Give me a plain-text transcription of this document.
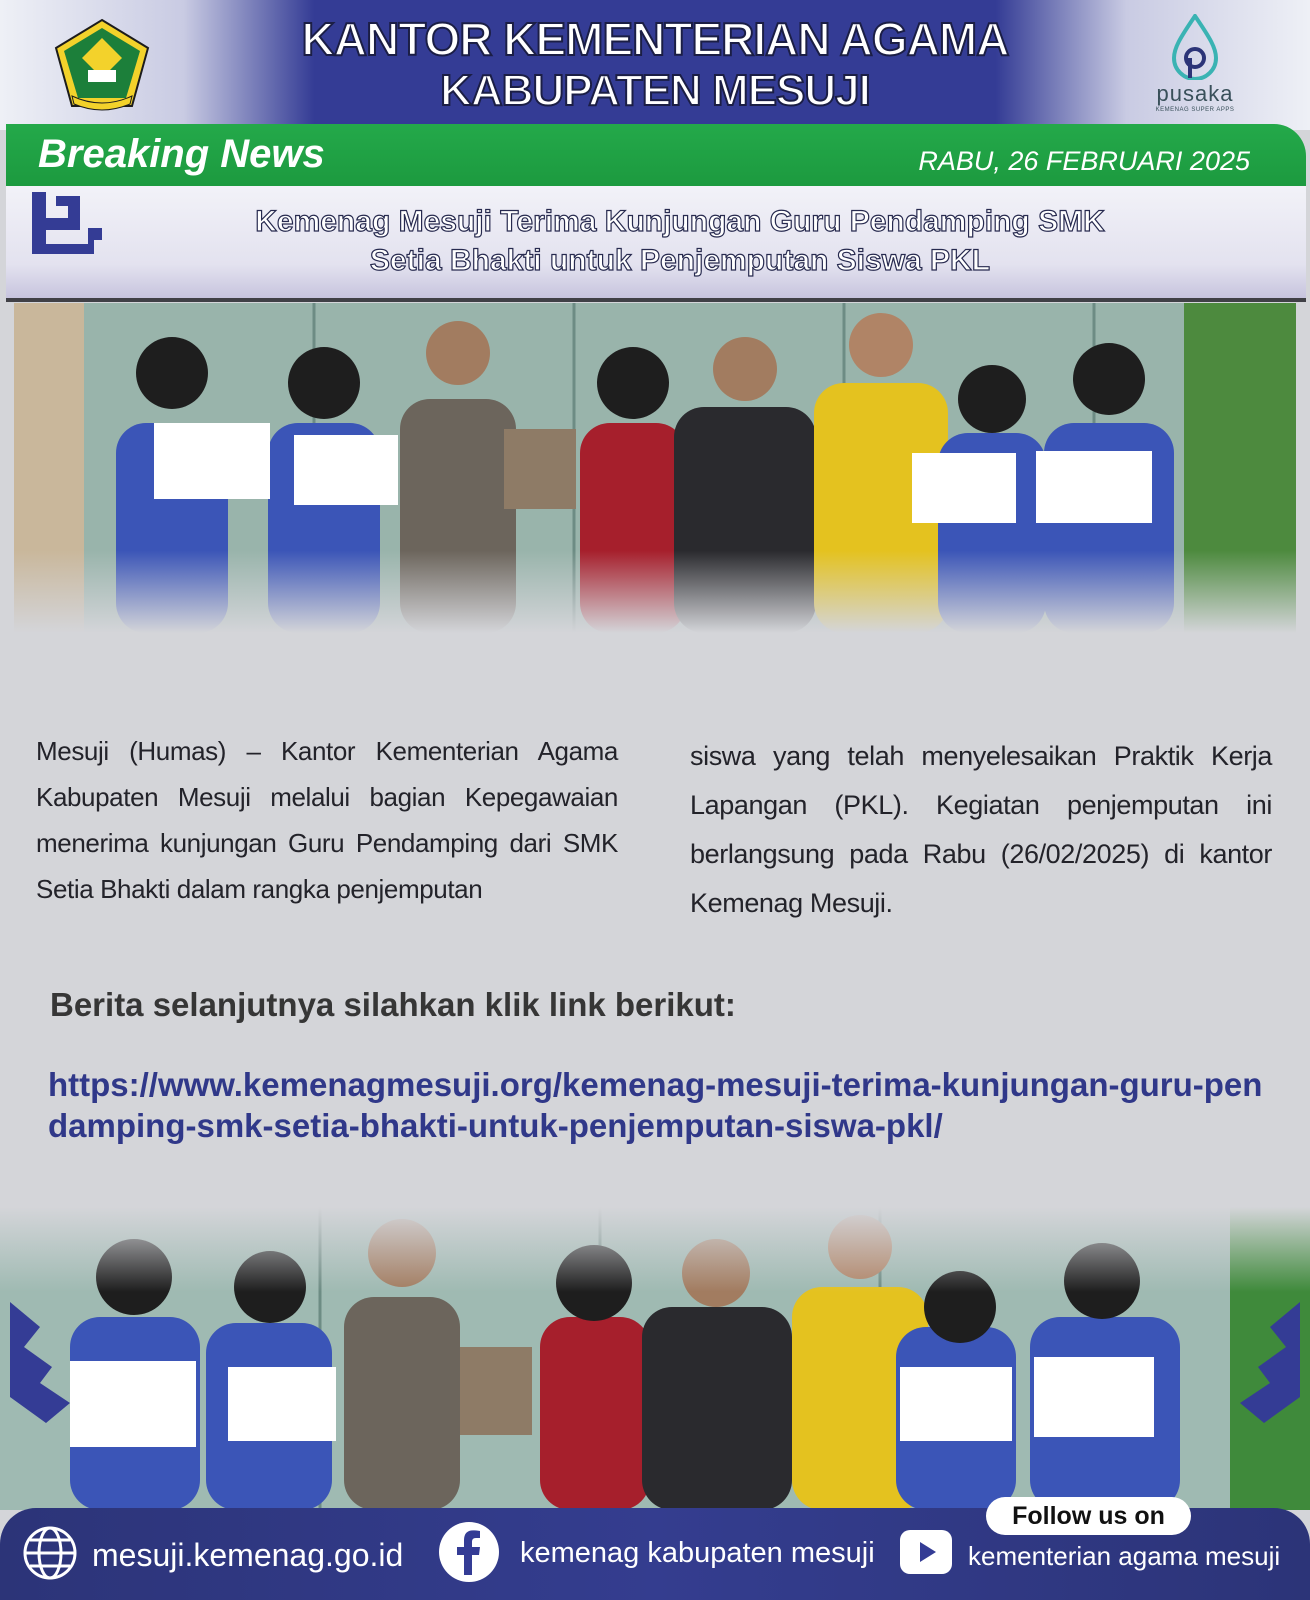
KANTOR KEMENTERIAN AGAMA
KABUPATEN MESUJI	pusaka
KEMENAG SUPER APPS
Breaking News	RABU, 26 FEBRUARI 2025
Kemenag Mesuji Terima Kunjungan Guru Pendamping SMK
Setia Bhakti untuk Penjemputan Siswa PKL
Mesuji (Humas) – Kantor Kementerian Agama Kabupaten Mesuji melalui bagian Kepegawaian menerima kunjungan Guru Pendamping dari SMK Setia Bhakti dalam rangka penjemputan
siswa yang telah menyelesaikan Praktik Kerja Lapangan (PKL). Kegiatan penjemputan ini berlangsung pada Rabu (26/02/2025) di kantor Kemenag Mesuji.
Berita selanjutnya silahkan klik link berikut:
https://www.kemenagmesuji.org/kemenag-mesuji-terima-kunjungan-guru-pendamping-smk-setia-bhakti-untuk-penjemputan-siswa-pkl/
Follow us on
mesuji.kemenag.go.id	kemenag kabupaten mesuji	kementerian agama mesuji
